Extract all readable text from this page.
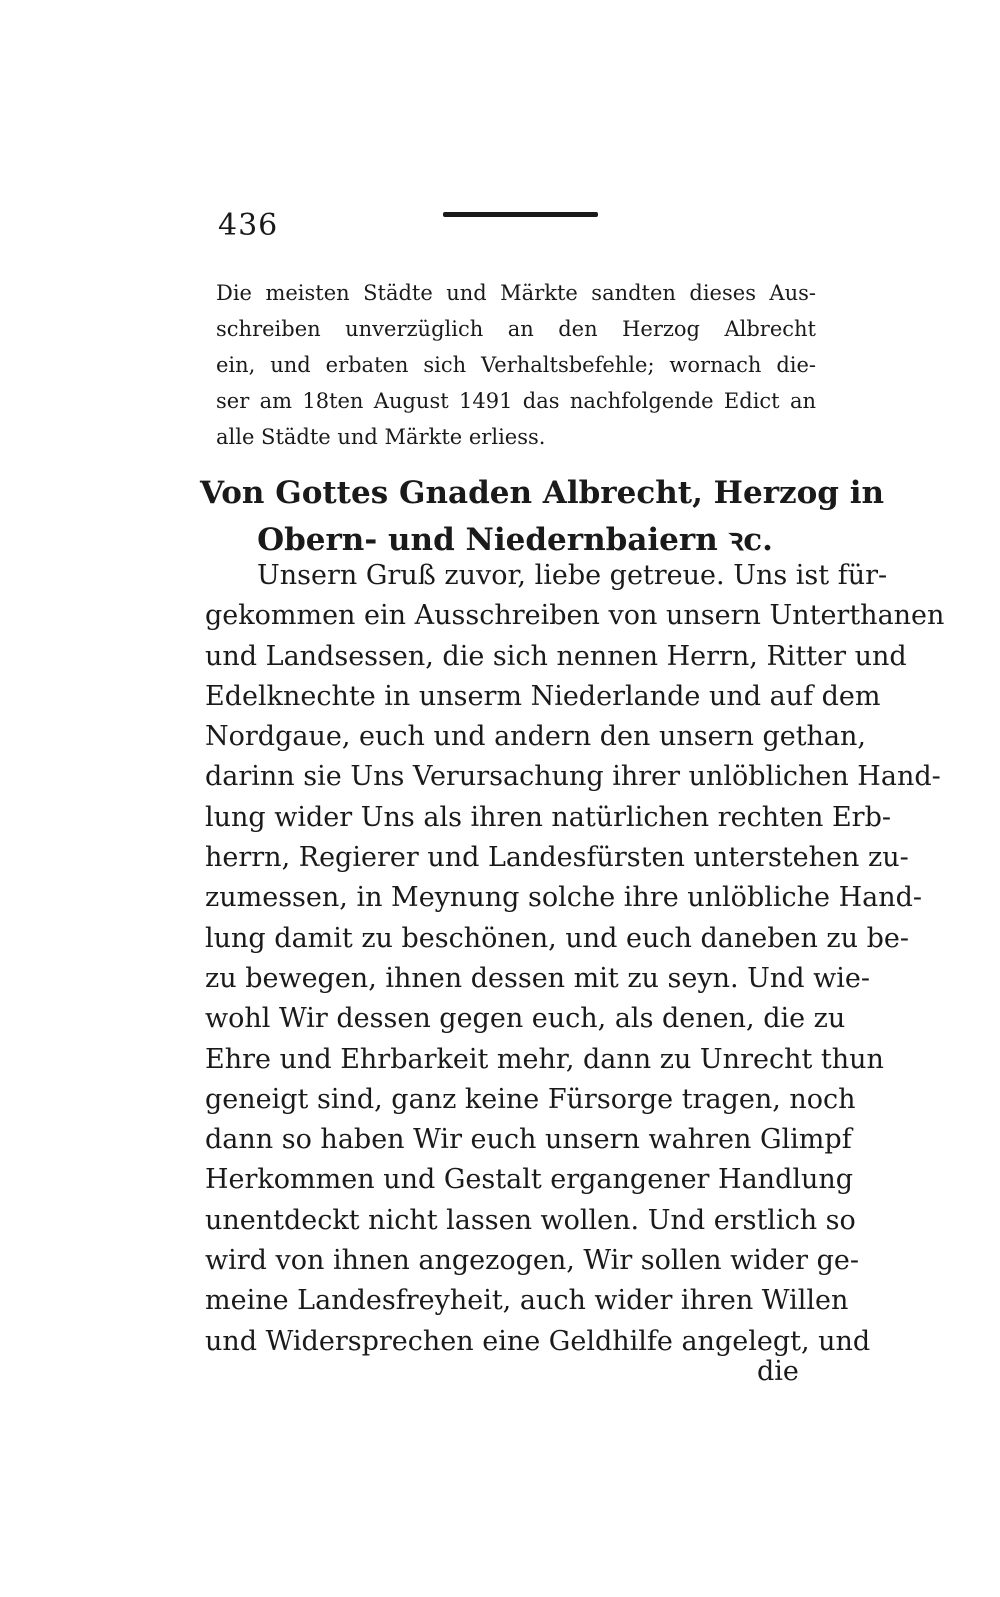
436
Die meisten Städte und Märkte sandten dieses Aus-
schreiben unverzüglich an den Herzog Albrecht
ein, und erbaten sich Verhaltsbefehle; wornach die-
ser am 18ten August 1491 das nachfolgende Edict an
alle Städte und Märkte erliess.
Von Gottes Gnaden Albrecht, Herzog in
Obern- und Niedernbaiern ꝛc.
Unsern Gruß zuvor, liebe getreue. Uns ist für-
gekommen ein Ausschreiben von unsern Unterthanen
und Landsessen, die sich nennen Herrn, Ritter und
Edelknechte in unserm Niederlande und auf dem
Nordgaue, euch und andern den unsern gethan,
darinn sie Uns Verursachung ihrer unlöblichen Hand-
lung wider Uns als ihren natürlichen rechten Erb-
herrn, Regierer und Landesfürsten unterstehen zu-
zumessen, in Meynung solche ihre unlöbliche Hand-
lung damit zu beschönen, und euch daneben zu be-
zu bewegen, ihnen dessen mit zu seyn. Und wie-
wohl Wir dessen gegen euch, als denen, die zu
Ehre und Ehrbarkeit mehr, dann zu Unrecht thun
geneigt sind, ganz keine Fürsorge tragen, noch
dann so haben Wir euch unsern wahren Glimpf
Herkommen und Gestalt ergangener Handlung
unentdeckt nicht lassen wollen. Und erstlich so
wird von ihnen angezogen, Wir sollen wider ge-
meine Landesfreyheit, auch wider ihren Willen
und Widersprechen eine Geldhilfe angelegt, und
die
